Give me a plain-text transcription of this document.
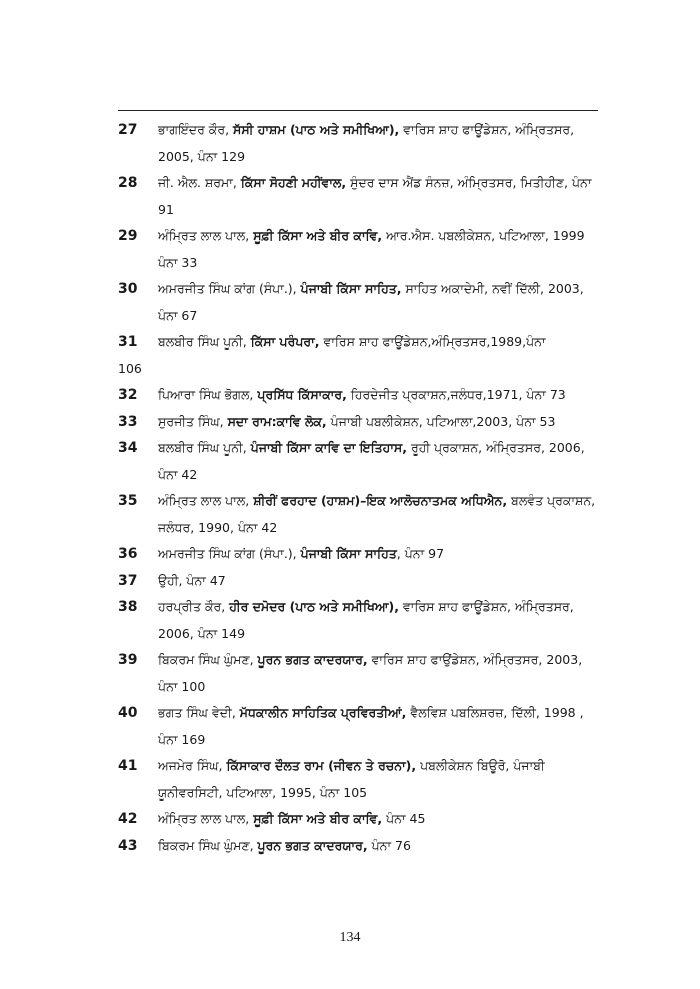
27 ਭਾਗਇੰਦਰ ਕੌਰ, ਸੱਸੀ ਹਾਸ਼ਮ (ਪਾਠ ਅਤੇ ਸਮੀਖਿਆ), ਵਾਰਿਸ ਸ਼ਾਹ ਫਾਊਂਡੇਸ਼ਨ, ਅੰਮ੍ਰਿਤਸਰ, 2005, ਪੰਨਾ 129
28 ਜੀ. ਐਲ. ਸ਼ਰਮਾ, ਕਿੱਸਾ ਸੋਹਣੀ ਮਹੀਂਵਾਲ, ਸੁੰਦਰ ਦਾਸ ਐਂਡ ਸੰਨਜ਼, ਅੰਮ੍ਰਿਤਸਰ, ਮਿਤੀਹੀਣ, ਪੰਨਾ 91
29 ਅੰਮ੍ਰਿਤ ਲਾਲ ਪਾਲ, ਸੂਫ਼ੀ ਕਿੱਸਾ ਅਤੇ ਬੀਰ ਕਾਵਿ, ਆਰ.ਐਸ. ਪਬਲੀਕੇਸ਼ਨ, ਪਟਿਆਲਾ, 1999 ਪੰਨਾ 33
30 ਅਮਰਜੀਤ ਸਿੰਘ ਕਾਂਗ (ਸੰਪਾ.), ਪੰਜਾਬੀ ਕਿੱਸਾ ਸਾਹਿਤ, ਸਾਹਿਤ ਅਕਾਦੇਮੀ, ਨਵੀਂ ਦਿੱਲੀ, 2003, ਪੰਨਾ 67
31 ਬਲਬੀਰ ਸਿੰਘ ਪੂਨੀ, ਕਿੱਸਾ ਪਰੰਪਰਾ, ਵਾਰਿਸ ਸ਼ਾਹ ਫਾਊਂਡੇਸ਼ਨ,ਅੰਮ੍ਰਿਤਸਰ,1989,ਪੰਨਾ
106
32 ਪਿਆਰਾ ਸਿੰਘ ਭੋਗਲ, ਪ੍ਰਸਿੱਧ ਕਿੱਸਾਕਾਰ, ਹਿਰਦੇਜੀਤ ਪ੍ਰਕਾਸ਼ਨ,ਜਲੰਧਰ,1971, ਪੰਨਾ 73
33 ਸੁਰਜੀਤ ਸਿੰਘ, ਸਦਾ ਰਾਮ:ਕਾਵਿ ਲੋਕ, ਪੰਜਾਬੀ ਪਬਲੀਕੇਸ਼ਨ, ਪਟਿਆਲਾ,2003, ਪੰਨਾ 53
34 ਬਲਬੀਰ ਸਿੰਘ ਪੂਨੀ, ਪੰਜਾਬੀ ਕਿੱਸਾ ਕਾਵਿ ਦਾ ਇਤਿਹਾਸ, ਰੂਹੀ ਪ੍ਰਕਾਸ਼ਨ, ਅੰਮ੍ਰਿਤਸਰ, 2006, ਪੰਨਾ 42
35 ਅੰਮ੍ਰਿਤ ਲਾਲ ਪਾਲ, ਸ਼ੀਰੀਂ ਫਰਹਾਦ (ਹਾਸ਼ਮ)–ਇਕ ਆਲੋਚਨਾਤਮਕ ਅਧਿਐਨ, ਬਲਵੰਤ ਪ੍ਰਕਾਸ਼ਨ, ਜਲੰਧਰ, 1990, ਪੰਨਾ 42
36 ਅਮਰਜੀਤ ਸਿੰਘ ਕਾਂਗ (ਸੰਪਾ.), ਪੰਜਾਬੀ ਕਿੱਸਾ ਸਾਹਿਤ, ਪੰਨਾ 97
37 ਉਹੀ, ਪੰਨਾ 47
38 ਹਰਪ੍ਰੀਤ ਕੌਰ, ਹੀਰ ਦਮੋਦਰ (ਪਾਠ ਅਤੇ ਸਮੀਖਿਆ), ਵਾਰਿਸ ਸ਼ਾਹ ਫਾਊਂਡੇਸ਼ਨ, ਅੰਮ੍ਰਿਤਸਰ, 2006, ਪੰਨਾ 149
39 ਬਿਕਰਮ ਸਿੰਘ ਘੁੰਮਣ, ਪੂਰਨ ਭਗਤ ਕਾਦਰਯਾਰ, ਵਾਰਿਸ ਸ਼ਾਹ ਫਾਉਂਡੇਸ਼ਨ, ਅੰਮ੍ਰਿਤਸਰ, 2003, ਪੰਨਾ 100
40 ਭਗਤ ਸਿੰਘ ਵੇਦੀ, ਮੱਧਕਾਲੀਨ ਸਾਹਿਤਿਕ ਪ੍ਰਵਿਰਤੀਆਂ, ਵੈਲਵਿਸ਼ ਪਬਲਿਸ਼ਰਜ਼, ਦਿੱਲੀ, 1998 , ਪੰਨਾ 169
41 ਅਜਮੇਰ ਸਿੰਘ, ਕਿੱਸਾਕਾਰ ਦੌਲਤ ਰਾਮ (ਜੀਵਨ ਤੇ ਰਚਨਾ), ਪਬਲੀਕੇਸ਼ਨ ਬਿਊਰੋ, ਪੰਜਾਬੀ ਯੂਨੀਵਰਸਿਟੀ, ਪਟਿਆਲਾ, 1995, ਪੰਨਾ 105
42 ਅੰਮ੍ਰਿਤ ਲਾਲ ਪਾਲ, ਸੂਫ਼ੀ ਕਿੱਸਾ ਅਤੇ ਬੀਰ ਕਾਵਿ, ਪੰਨਾ 45
43 ਬਿਕਰਮ ਸਿੰਘ ਘੁੰਮਣ, ਪੂਰਨ ਭਗਤ ਕਾਦਰਯਾਰ, ਪੰਨਾ 76
134
